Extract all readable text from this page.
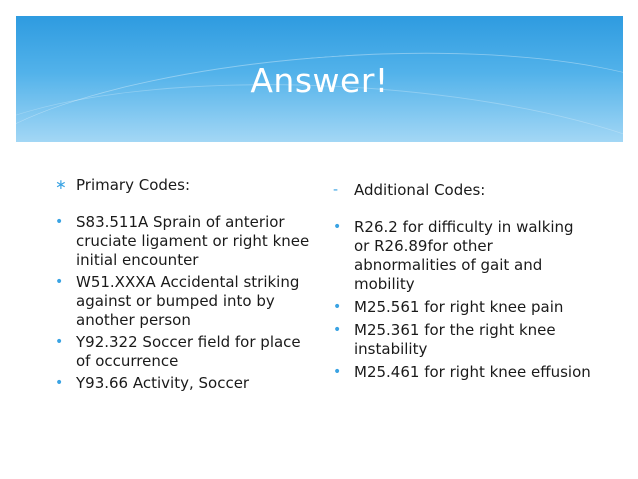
Answer!
∗ Primary Codes:
• S83.511A Sprain of anterior cruciate ligament or right knee initial encounter
• W51.XXXA Accidental striking against or bumped into by another person
• Y92.322 Soccer field for place of occurrence
• Y93.66 Activity, Soccer
- Additional Codes:
• R26.2 for difficulty in walking or R26.89for other abnormalities of gait and mobility
• M25.561 for right knee pain
• M25.361 for the right knee instability
• M25.461 for right knee effusion
